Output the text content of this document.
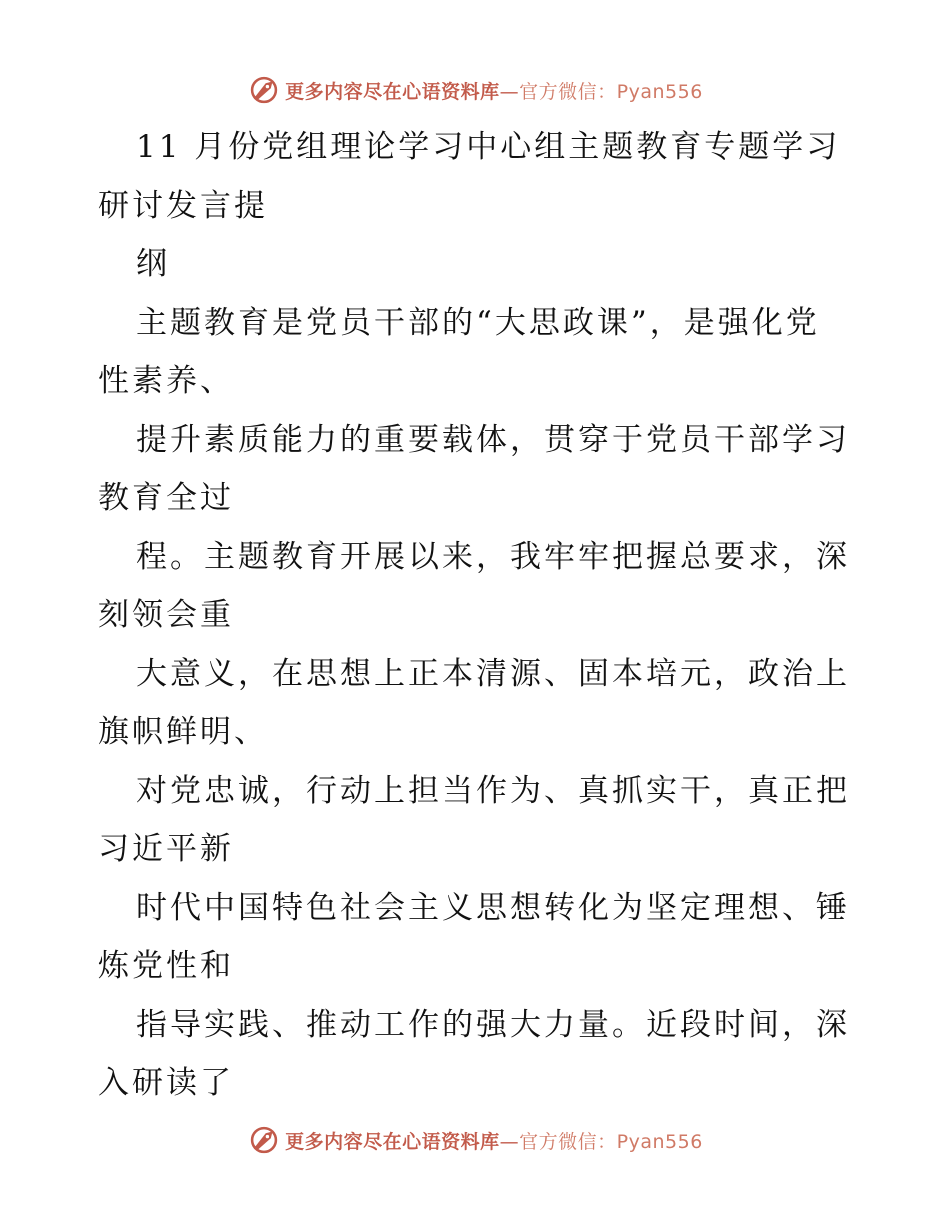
更多内容尽在心语资料库—官方微信：Pyan556
11 月份党组理论学习中心组主题教育专题学习
研讨发言提
纲
主题教育是党员干部的“大思政课”，是强化党
性素养、
提升素质能力的重要载体，贯穿于党员干部学习
教育全过
程。主题教育开展以来，我牢牢把握总要求，深
刻领会重
大意义，在思想上正本清源、固本培元，政治上
旗帜鲜明、
对党忠诚，行动上担当作为、真抓实干，真正把
习近平新
时代中国特色社会主义思想转化为坚定理想、锤
炼党性和
指导实践、推动工作的强大力量。近段时间，深
入研读了
更多内容尽在心语资料库—官方微信：Pyan556
